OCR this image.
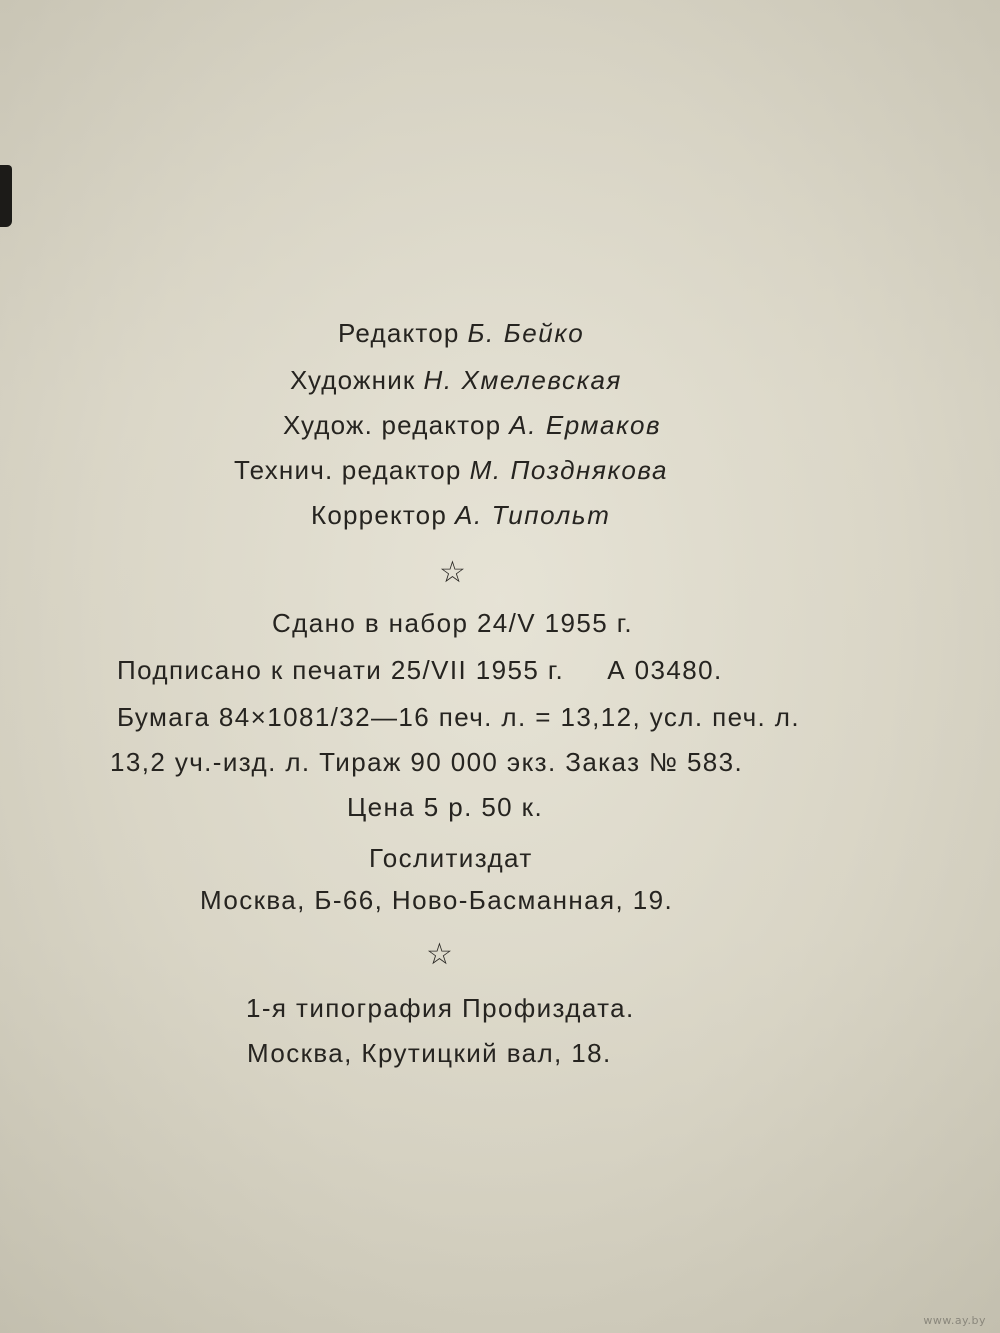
Редактор Б. Бейко
Художник Н. Хмелевская
Худож. редактор А. Ермаков
Технич. редактор М. Позднякова
Корректор А. Типольт
☆
Сдано в набор 24/V 1955 г.
Подписано к печати 25/VII 1955 г.     А 03480.
Бумага 84×1081/32—16 печ. л. = 13,12, усл. печ. л.
13,2 уч.-изд. л. Тираж 90 000 экз. Заказ № 583.
Цена 5 р. 50 к.
Гослитиздат
Москва, Б-66, Ново-Басманная, 19.
☆
1-я типография Профиздата.
Москва, Крутицкий вал, 18.
www.ay.by
